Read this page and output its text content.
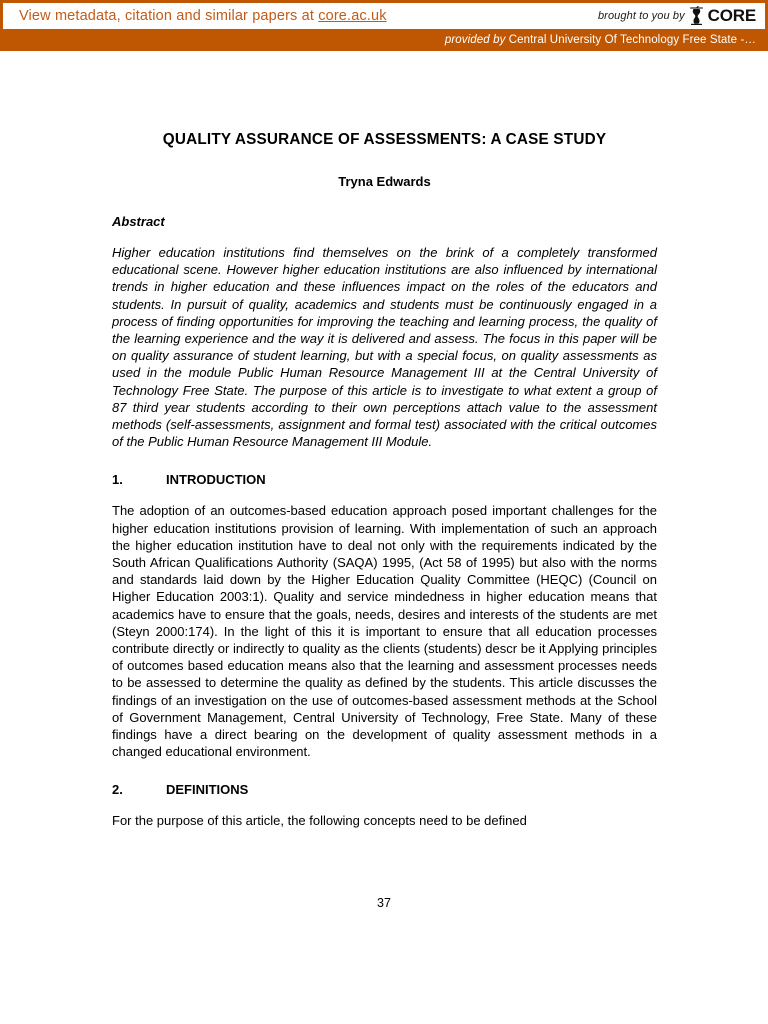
View metadata, citation and similar papers at core.ac.uk	brought to you by CORE
provided by Central University Of Technology Free State -…
QUALITY ASSURANCE OF ASSESSMENTS: A CASE STUDY
Tryna Edwards
Abstract

Higher education institutions find themselves on the brink of a completely transformed educational scene. However higher education institutions are also influenced by international trends in higher education and these influences impact on the roles of the educators and students. In pursuit of quality, academics and students must be continuously engaged in a process of finding opportunities for improving the teaching and learning process, the quality of the learning experience and the way it is delivered and assess. The focus in this paper will be on quality assurance of student learning, but with a special focus, on quality assessments as used in the module Public Human Resource Management III at the Central University of Technology Free State. The purpose of this article is to investigate to what extent a group of 87 third year students according to their own perceptions attach value to the assessment methods (self-assessments, assignment and formal test) associated with the critical outcomes of the Public Human Resource Management III Module.

1.	INTRODUCTION

The adoption of an outcomes-based education approach posed important challenges for the higher education institutions provision of learning. With implementation of such an approach the higher education institution have to deal not only with the requirements indicated by the South African Qualifications Authority (SAQA) 1995, (Act 58 of 1995) but also with the norms and standards laid down by the Higher Education Quality Committee (HEQC) (Council on Higher Education 2003:1). Quality and service mindedness in higher education means that academics have to ensure that the goals, needs, desires and interests of the students are met (Steyn 2000:174). In the light of this it is important to ensure that all education processes contribute directly or indirectly to quality as the clients (students) descr be it Applying principles of outcomes based education means also that the learning and assessment processes needs to be assessed to determine the quality as defined by the students. This article discusses the findings of an investigation on the use of outcomes-based assessment methods at the School of Government Management, Central University of Technology, Free State. Many of these findings have a direct bearing on the development of quality assessment methods in a changed educational environment.

2.	DEFINITIONS

For the purpose of this article, the following concepts need to be defined

37
